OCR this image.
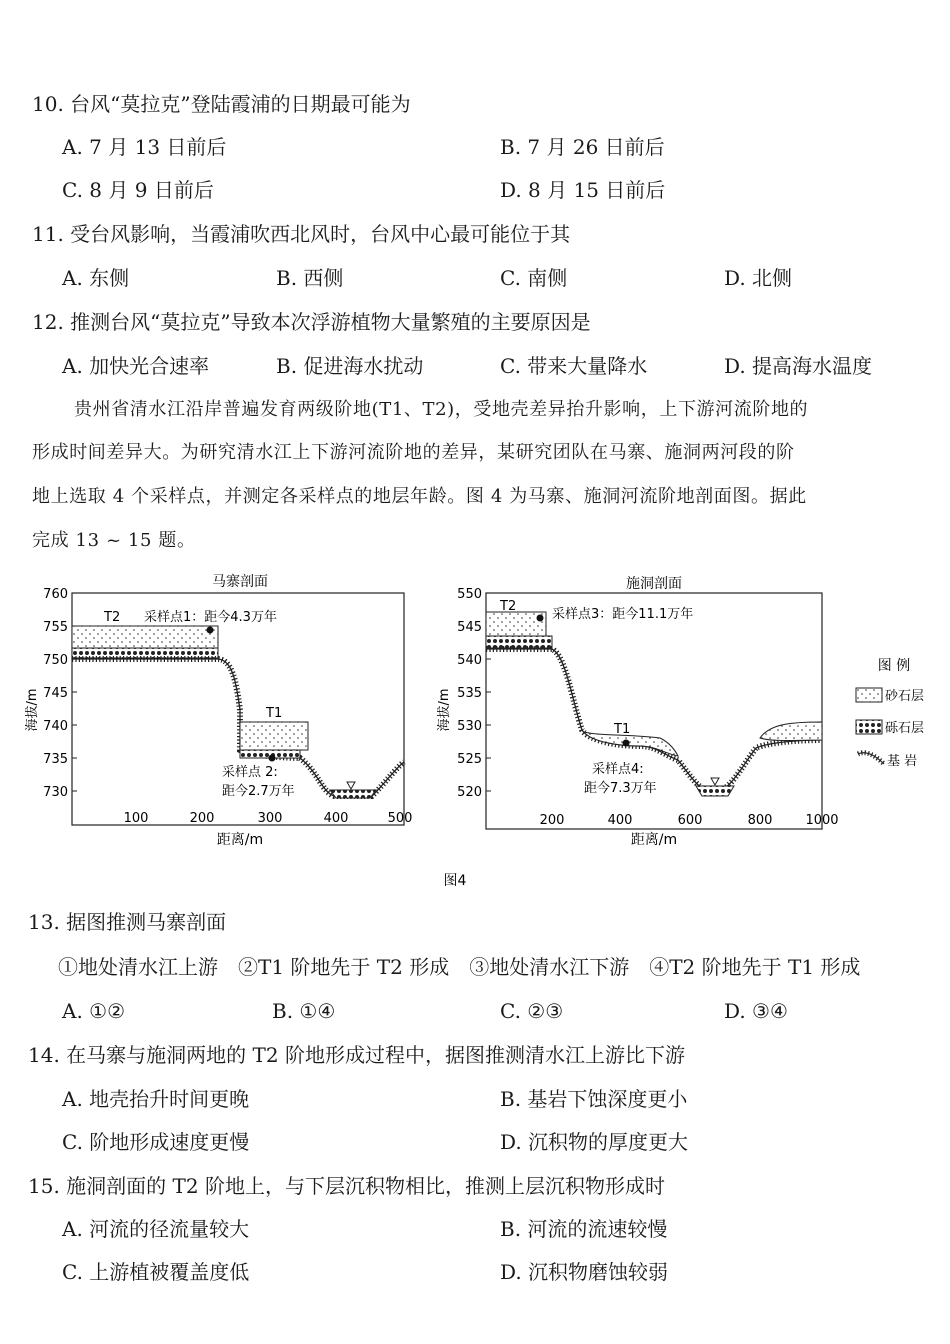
10. 台风“莫拉克”登陆霞浦的日期最可能为
A. 7 月 13 日前后	B. 7 月 26 日前后
C. 8 月 9 日前后	D. 8 月 15 日前后
11. 受台风影响，当霞浦吹西北风时，台风中心最可能位于其
A. 东侧	B. 西侧	C. 南侧	D. 北侧
12. 推测台风“莫拉克”导致本次浮游植物大量繁殖的主要原因是
A. 加快光合速率	B. 促进海水扰动	C. 带来大量降水	D. 提高海水温度
贵州省清水江沿岸普遍发育两级阶地(T1、T2)，受地壳差异抬升影响，上下游河流阶地的
形成时间差异大。为研究清水江上下游河流阶地的差异，某研究团队在马寨、施洞两河段的阶
地上选取 4 个采样点，并测定各采样点的地层年龄。图 4 为马寨、施洞河流阶地剖面图。据此
完成 13 ~ 15 题。
马寨剖面
760
755
750
745
740
735
730
100	200	300	400	500
距离/m
海拔/m
T2
T1
采样点1：距今4.3万年
采样点 2:
距今2.7万年
施洞剖面
550
545
540
535
530
525
520
200	400	600	800	1000
距离/m
海拔/m
T2
采样点3：距今11.1万年
T1
采样点4:
距今7.3万年
图 例
砂石层
砾石层
基 岩
图4
13. 据图推测马寨剖面
①地处清水江上游　②T1 阶地先于 T2 形成　③地处清水江下游　④T2 阶地先于 T1 形成
A. ①②	B. ①④	C. ②③	D. ③④
14. 在马寨与施洞两地的 T2 阶地形成过程中，据图推测清水江上游比下游
A. 地壳抬升时间更晚	B. 基岩下蚀深度更小
C. 阶地形成速度更慢	D. 沉积物的厚度更大
15. 施洞剖面的 T2 阶地上，与下层沉积物相比，推测上层沉积物形成时
A. 河流的径流量较大	B. 河流的流速较慢
C. 上游植被覆盖度低	D. 沉积物磨蚀较弱
